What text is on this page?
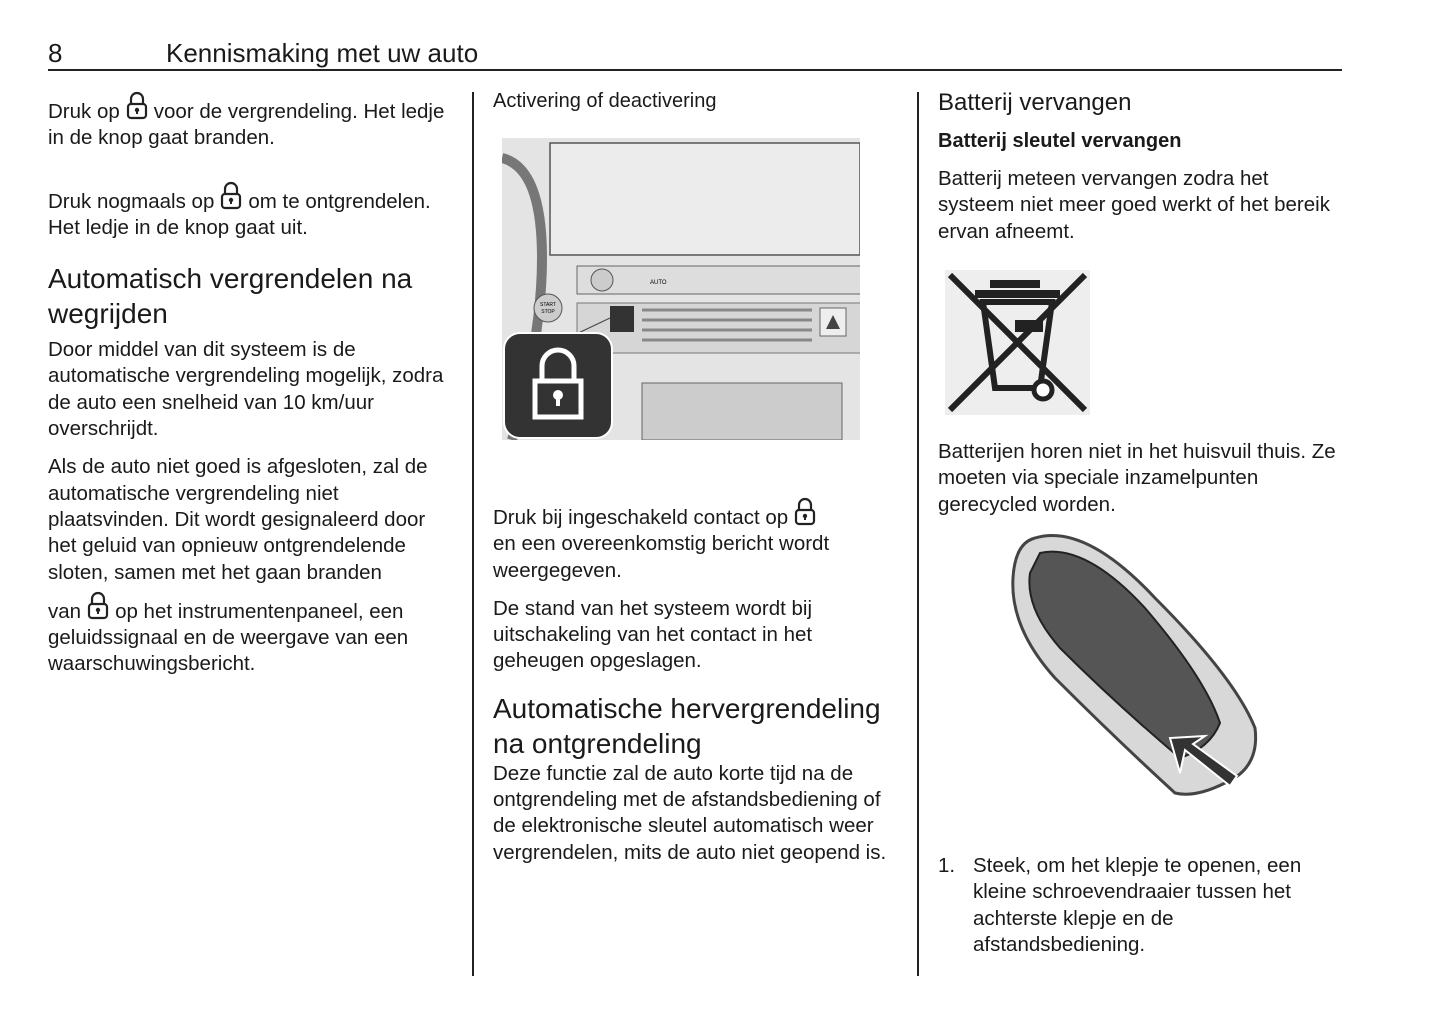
8	Kennismaking met uw auto

Druk op voor de vergrendeling. Het ledje in de knop gaat branden.

Druk nogmaals op om te ontgrendelen. Het ledje in de knop gaat uit.

Automatisch vergrendelen na wegrijden

Door middel van dit systeem is de automatische vergrendeling mogelijk, zodra de auto een snelheid van 10 km/uur overschrijdt.

Als de auto niet goed is afgesloten, zal de automatische vergrendeling niet plaatsvinden. Dit wordt gesignaleerd door het geluid van opnieuw ontgrendelende sloten, samen met het gaan branden

van op het instrumentenpaneel, een geluidssignaal en de weergave van een waarschuwingsbericht.

Activering of deactivering
AUTO
START
STOP

Druk bij ingeschakeld contact op
en een overeenkomstig bericht wordt weergegeven.

De stand van het systeem wordt bij uitschakeling van het contact in het geheugen opgeslagen.

Automatische hervergrendeling na ontgrendeling

Deze functie zal de auto korte tijd na de ontgrendeling met de afstandsbediening of de elektronische sleutel automatisch weer vergrendelen, mits de auto niet geopend is.

Batterij vervangen
Batterij sleutel vervangen

Batterij meteen vervangen zodra het systeem niet meer goed werkt of het bereik ervan afneemt.

Batterijen horen niet in het huisvuil thuis. Ze moeten via speciale inzamelpunten gerecycled worden.

1. Steek, om het klepje te openen, een kleine schroevendraaier tussen het achterste klepje en de afstandsbediening.
